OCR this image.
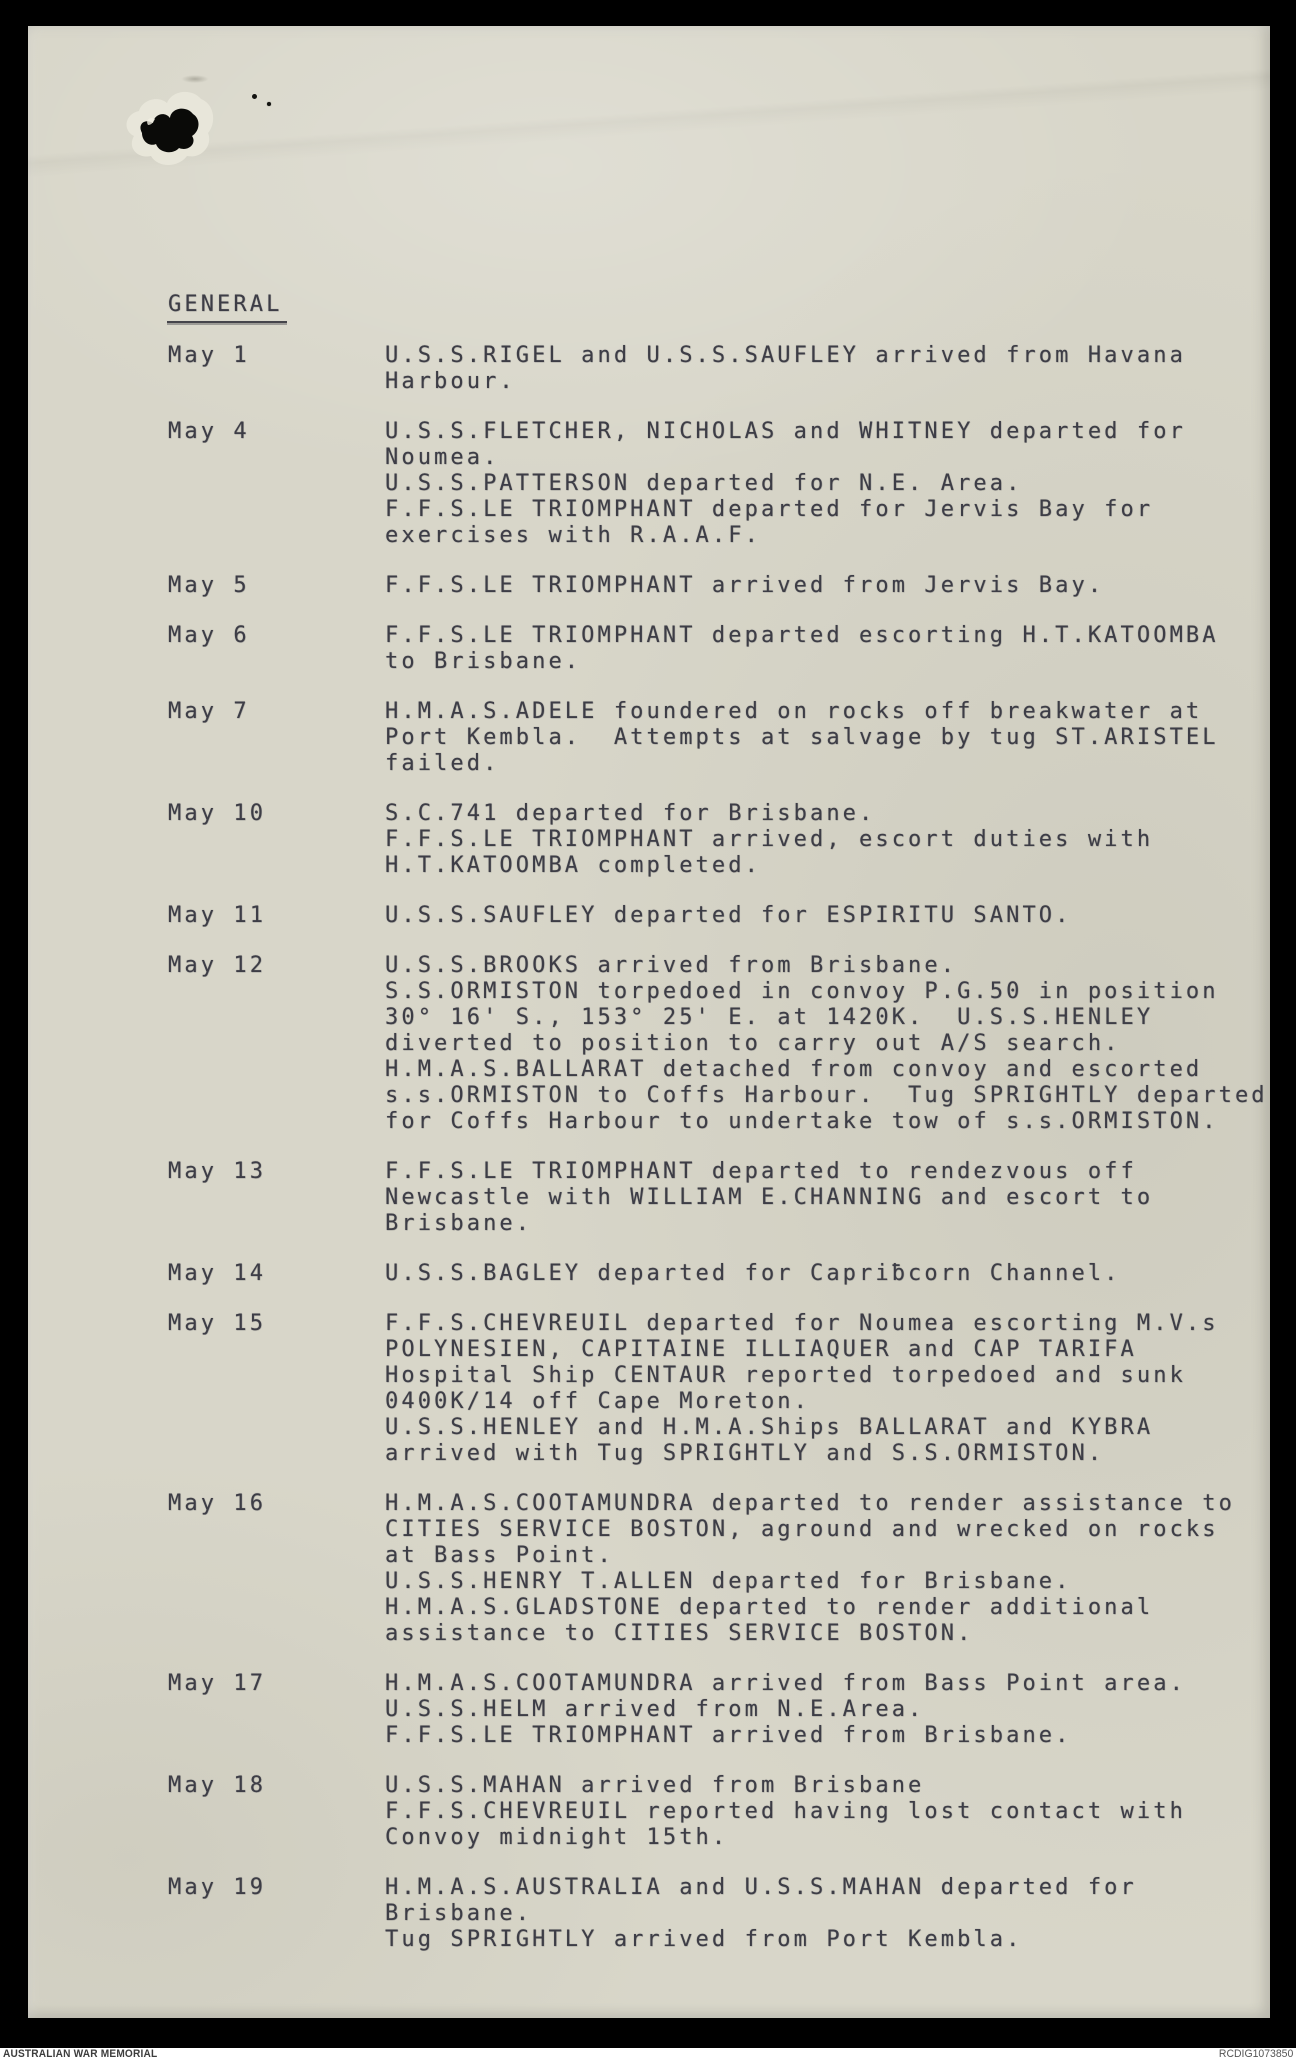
GENERAL
May 1	U.S.S.RIGEL and U.S.S.SAUFLEY arrived from Havana
Harbour.
May 4	U.S.S.FLETCHER, NICHOLAS and WHITNEY departed for
Noumea.
U.S.S.PATTERSON departed for N.E. Area.
F.F.S.LE TRIOMPHANT departed for Jervis Bay for
exercises with R.A.A.F.
May 5	F.F.S.LE TRIOMPHANT arrived from Jervis Bay.
May 6	F.F.S.LE TRIOMPHANT departed escorting H.T.KATOOMBA
to Brisbane.
May 7	H.M.A.S.ADELE foundered on rocks off breakwater at
Port Kembla.  Attempts at salvage by tug ST.ARISTEL
failed.
May 10	S.C.741 departed for Brisbane.
F.F.S.LE TRIOMPHANT arrived, escort duties with
H.T.KATOOMBA completed.
May 11	U.S.S.SAUFLEY departed for ESPIRITU SANTO.
May 12	U.S.S.BROOKS arrived from Brisbane.
S.S.ORMISTON torpedoed in convoy P.G.50 in position
30° 16' S., 153° 25' E. at 1420K.  U.S.S.HENLEY
diverted to position to carry out A/S search.
H.M.A.S.BALLARAT detached from convoy and escorted
s.s.ORMISTON to Coffs Harbour.  Tug SPRIGHTLY departed
for Coffs Harbour to undertake tow of s.s.ORMISTON.
May 13	F.F.S.LE TRIOMPHANT departed to rendezvous off
Newcastle with WILLIAM E.CHANNING and escort to
Brisbane.
May 14	U.S.S.BAGLEY departed for Capriƀcorn Channel.
May 15	F.F.S.CHEVREUIL departed for Noumea escorting M.V.s
POLYNESIEN, CAPITAINE ILLIAQUER and CAP TARIFA
Hospital Ship CENTAUR reported torpedoed and sunk
0400K/14 off Cape Moreton.
U.S.S.HENLEY and H.M.A.Ships BALLARAT and KYBRA
arrived with Tug SPRIGHTLY and S.S.ORMISTON.
May 16	H.M.A.S.COOTAMUNDRA departed to render assistance to
CITIES SERVICE BOSTON, aground and wrecked on rocks
at Bass Point.
U.S.S.HENRY T.ALLEN departed for Brisbane.
H.M.A.S.GLADSTONE departed to render additional
assistance to CITIES SERVICE BOSTON.
May 17	H.M.A.S.COOTAMUNDRA arrived from Bass Point area.
U.S.S.HELM arrived from N.E.Area.
F.F.S.LE TRIOMPHANT arrived from Brisbane.
May 18	U.S.S.MAHAN arrived from Brisbane
F.F.S.CHEVREUIL reported having lost contact with
Convoy midnight 15th.
May 19	H.M.A.S.AUSTRALIA and U.S.S.MAHAN departed for
Brisbane.
Tug SPRIGHTLY arrived from Port Kembla.
AUSTRALIAN WAR MEMORIAL	RCDIG1073850
